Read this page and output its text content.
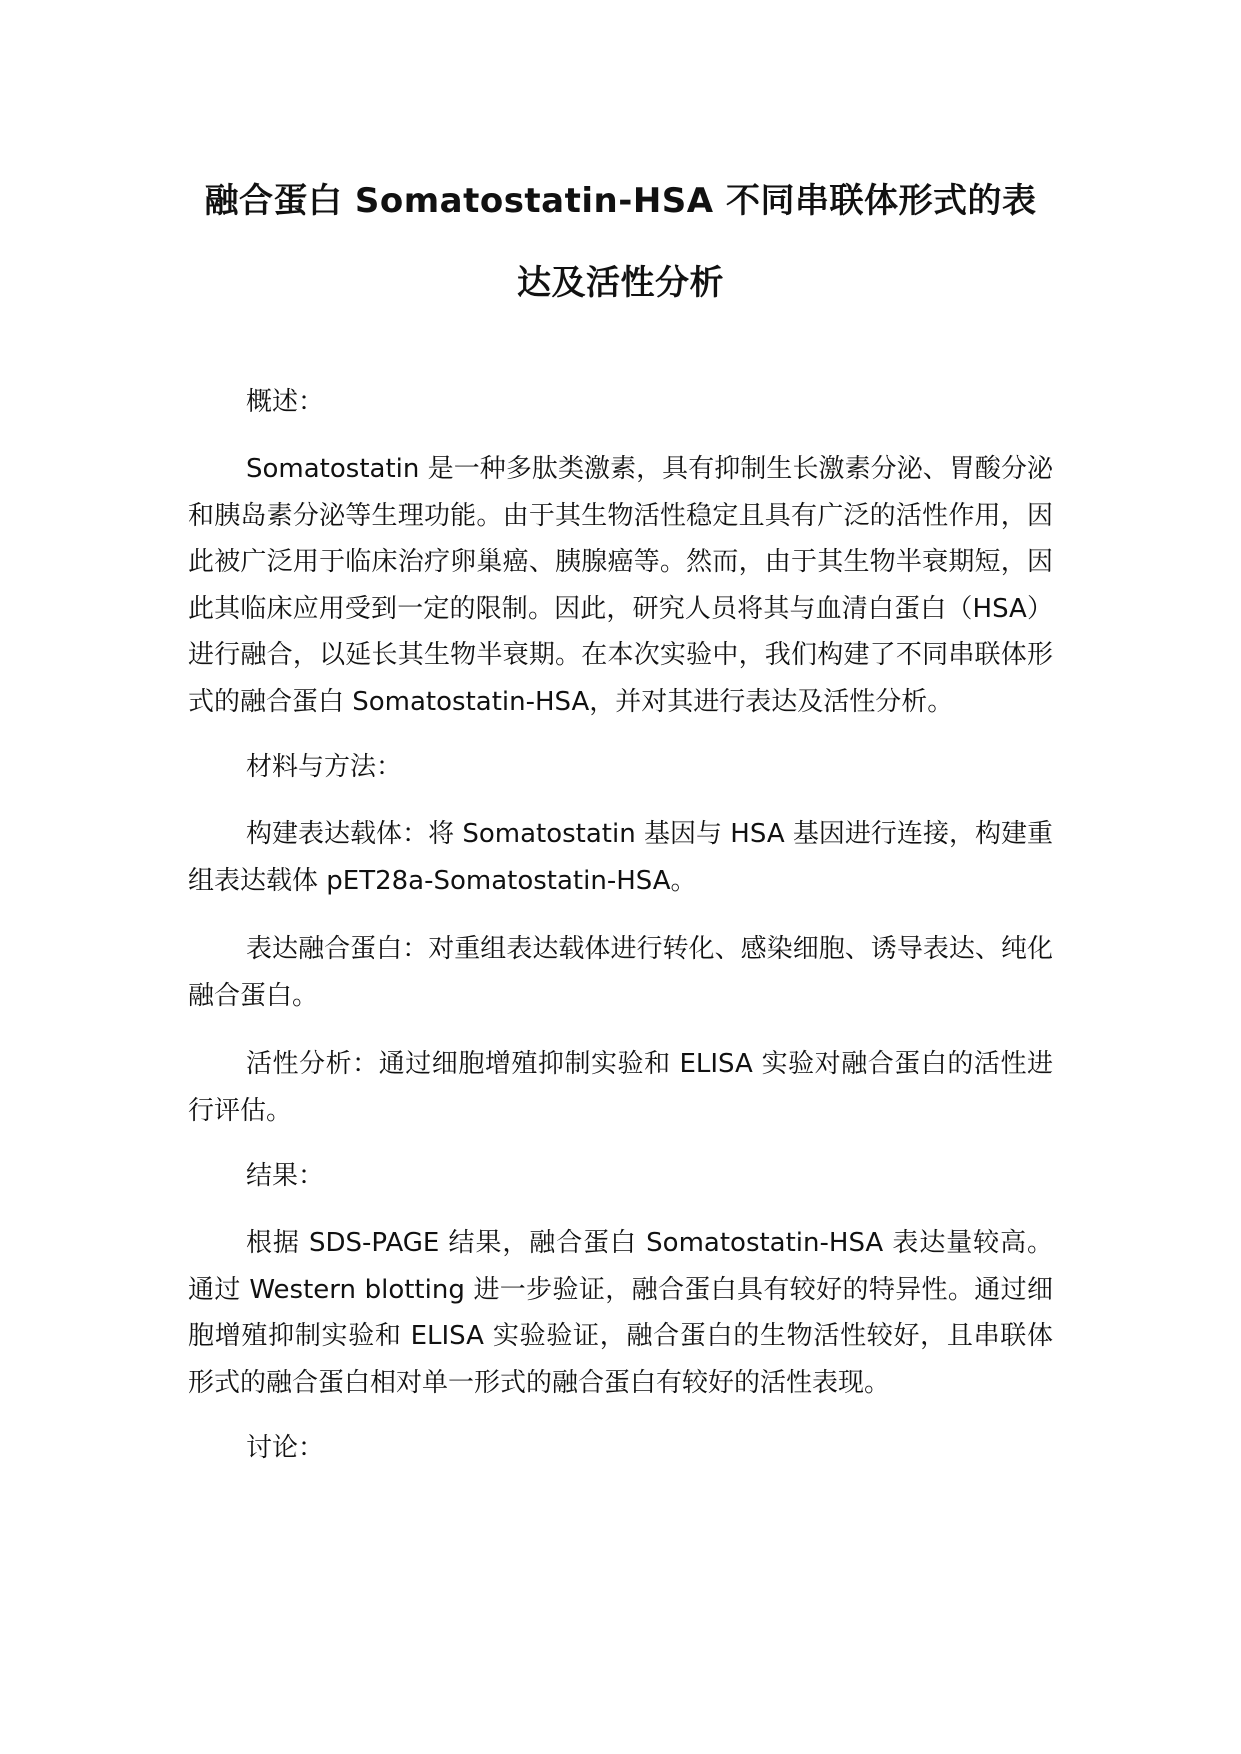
融合蛋白 Somatostatin-HSA 不同串联体形式的表
达及活性分析

概述：

Somatostatin 是一种多肽类激素，具有抑制生长激素分泌、胃酸分泌和胰岛素分泌等生理功能。由于其生物活性稳定且具有广泛的活性作用，因此被广泛用于临床治疗卵巢癌、胰腺癌等。然而，由于其生物半衰期短，因此其临床应用受到一定的限制。因此，研究人员将其与血清白蛋白（HSA）进行融合，以延长其生物半衰期。在本次实验中，我们构建了不同串联体形式的融合蛋白 Somatostatin-HSA，并对其进行表达及活性分析。

材料与方法：

构建表达载体：将 Somatostatin 基因与 HSA 基因进行连接，构建重组表达载体 pET28a-Somatostatin-HSA。

表达融合蛋白：对重组表达载体进行转化、感染细胞、诱导表达、纯化融合蛋白。

活性分析：通过细胞增殖抑制实验和 ELISA 实验对融合蛋白的活性进行评估。

结果：

根据 SDS-PAGE 结果，融合蛋白 Somatostatin-HSA 表达量较高。通过 Western blotting 进一步验证，融合蛋白具有较好的特异性。通过细胞增殖抑制实验和 ELISA 实验验证，融合蛋白的生物活性较好，且串联体形式的融合蛋白相对单一形式的融合蛋白有较好的活性表现。

讨论：
